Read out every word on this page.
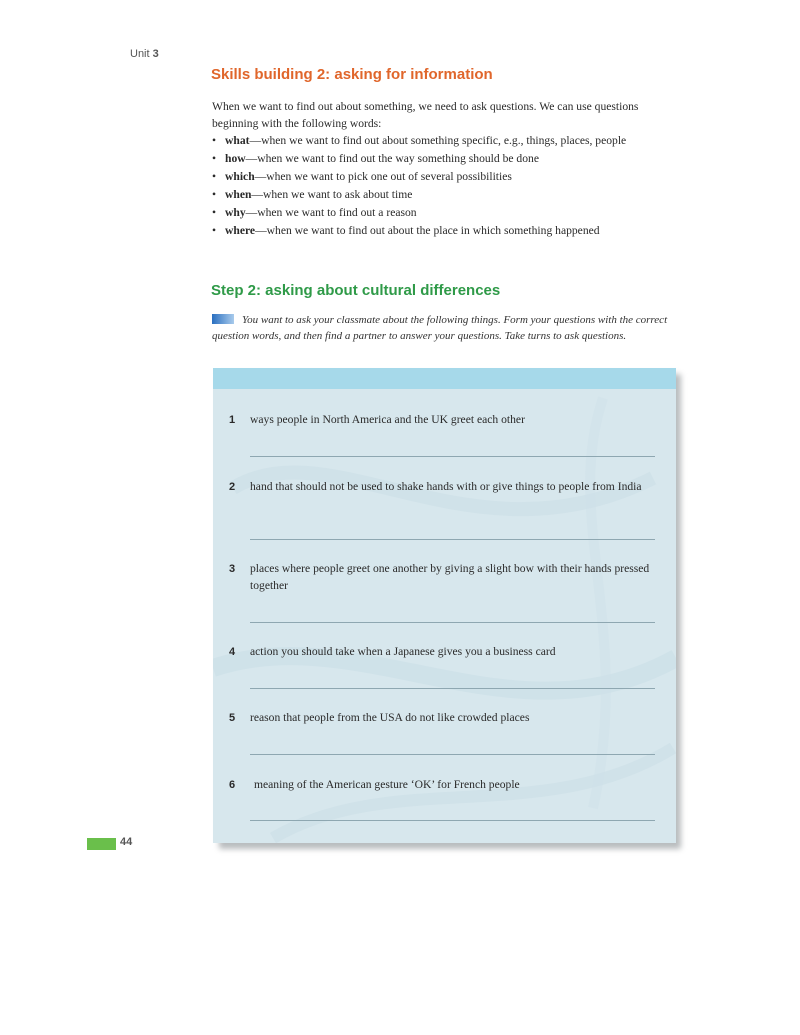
Unit 3
Skills building 2: asking for information

When we want to find out about something, we need to ask questions. We can use questions beginning with the following words:

• what—when we want to find out about something specific, e.g., things, places, people
• how—when we want to find out the way something should be done
• which—when we want to pick one out of several possibilities
• when—when we want to ask about time
• why—when we want to find out a reason
• where—when we want to find out about the place in which something happened
Step 2: asking about cultural differences

You want to ask your classmate about the following things. Form your questions with the correct question words, and then find a partner to answer your questions. Take turns to ask questions.

1 ways people in North America and the UK greet each other
2 hand that should not be used to shake hands with or give things to people from India
3 places where people greet one another by giving a slight bow with their hands pressed together
4 action you should take when a Japanese gives you a business card
5 reason that people from the USA do not like crowded places
6 meaning of the American gesture ‘OK’ for French people
44
